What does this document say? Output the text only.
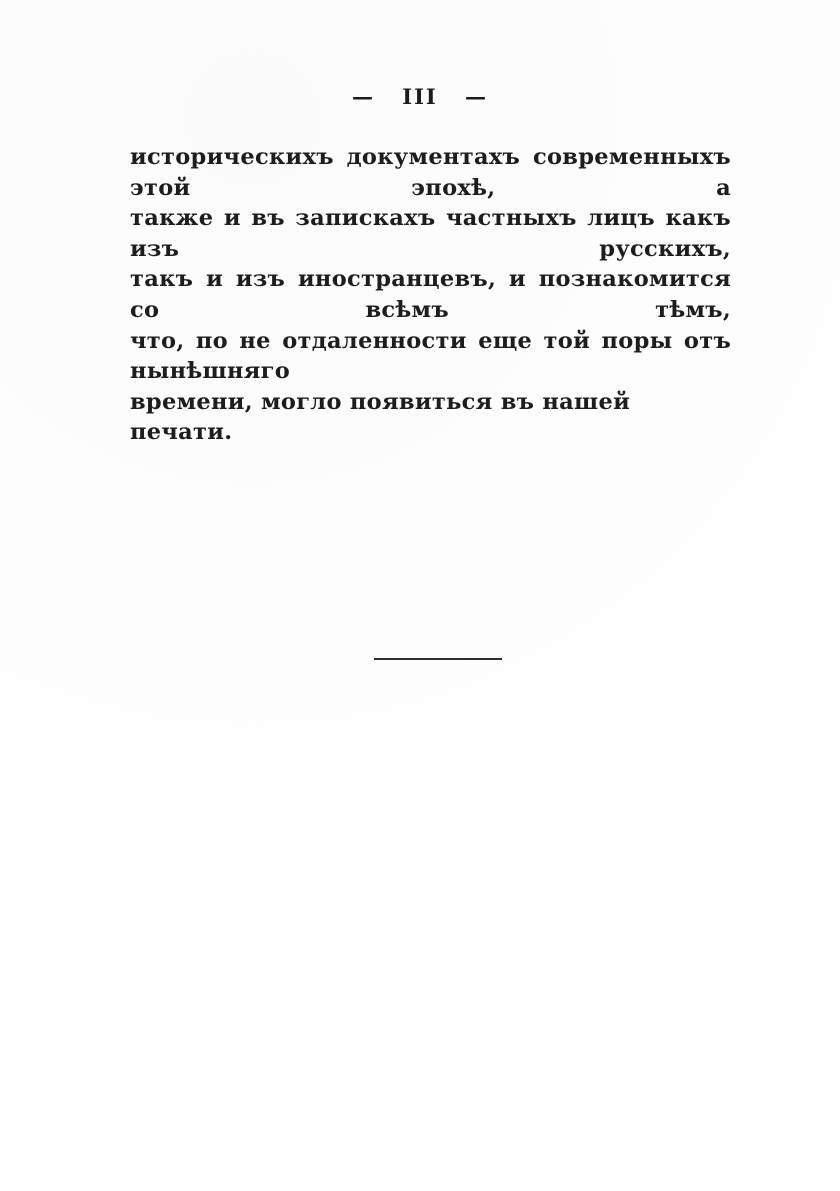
— III —
историческихъ документахъ современныхъ этой эпохѣ, а
также и въ запискахъ частныхъ лицъ какъ изъ русскихъ,
такъ и изъ иностранцевъ, и познакомится со всѣмъ тѣмъ,
что, по не отдаленности еще той поры отъ нынѣшняго
времени, могло появиться въ нашей печати.
